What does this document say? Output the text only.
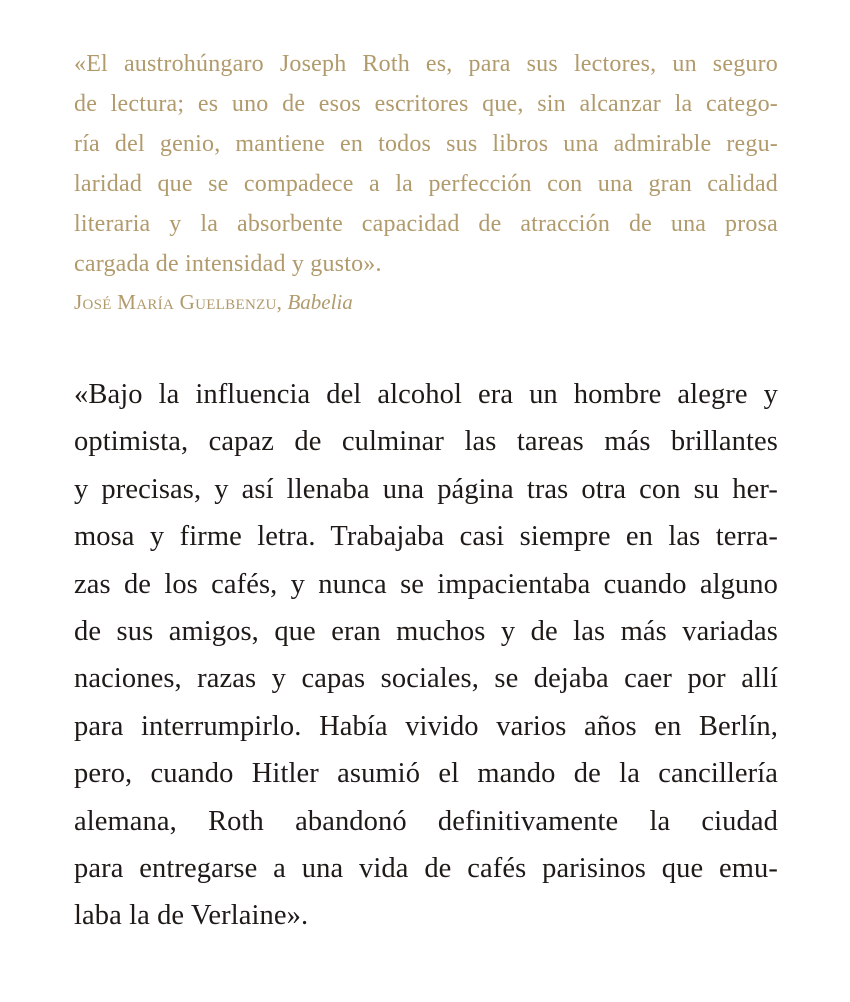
«El austrohúngaro Joseph Roth es, para sus lectores, un seguro
de lectura; es uno de esos escritores que, sin alcanzar la catego-
ría del genio, mantiene en todos sus libros una admirable regu-
laridad que se compadece a la perfección con una gran calidad
literaria y la absorbente capacidad de atracción de una prosa
cargada de intensidad y gusto».

José María Guelbenzu, Babelia

«Bajo la influencia del alcohol era un hombre alegre y
optimista, capaz de culminar las tareas más brillantes
y precisas, y así llenaba una página tras otra con su her-
mosa y firme letra. Trabajaba casi siempre en las terra-
zas de los cafés, y nunca se impacientaba cuando alguno
de sus amigos, que eran muchos y de las más variadas
naciones, razas y capas sociales, se dejaba caer por allí
para interrumpirlo. Había vivido varios años en Berlín,
pero, cuando Hitler asumió el mando de la cancillería
alemana, Roth abandonó definitivamente la ciudad
para entregarse a una vida de cafés parisinos que emu-
laba la de Verlaine».
